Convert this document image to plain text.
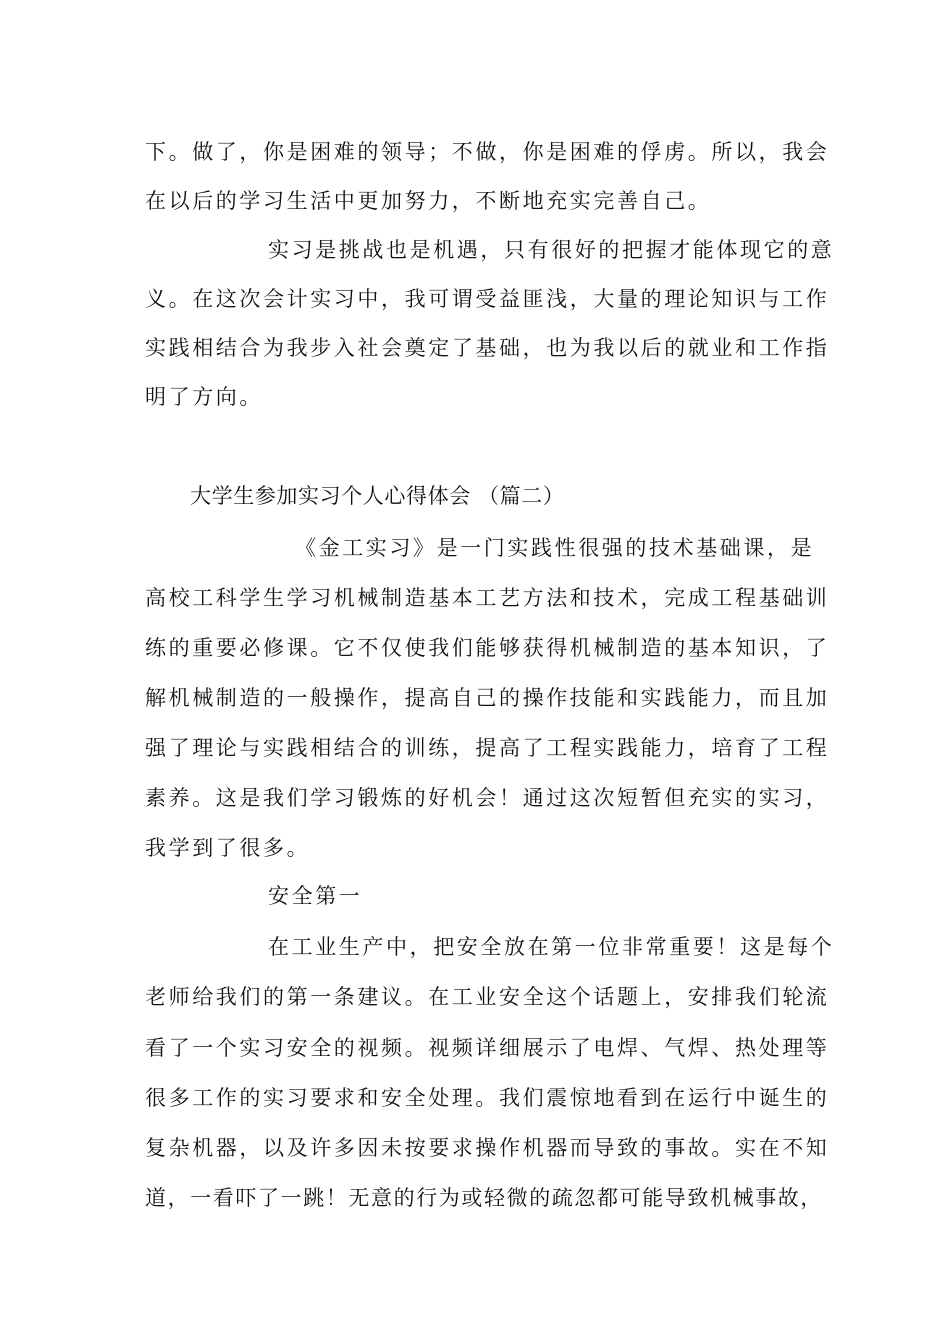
下。做了，你是困难的领导；不做，你是困难的俘虏。所以，我会

在以后的学习生活中更加努力，不断地充实完善自己。

实习是挑战也是机遇，只有很好的把握才能体现它的意

义。在这次会计实习中，我可谓受益匪浅，大量的理论知识与工作

实践相结合为我步入社会奠定了基础，也为我以后的就业和工作指

明了方向。

大学生参加实习个人心得体会 （篇二）

《金工实习》是一门实践性很强的技术基础课，是

高校工科学生学习机械制造基本工艺方法和技术，完成工程基础训

练的重要必修课。它不仅使我们能够获得机械制造的基本知识，了

解机械制造的一般操作，提高自己的操作技能和实践能力，而且加

强了理论与实践相结合的训练，提高了工程实践能力，培育了工程

素养。这是我们学习锻炼的好机会！通过这次短暂但充实的实习，

我学到了很多。

安全第一

在工业生产中，把安全放在第一位非常重要！这是每个

老师给我们的第一条建议。在工业安全这个话题上，安排我们轮流

看了一个实习安全的视频。视频详细展示了电焊、气焊、热处理等

很多工作的实习要求和安全处理。我们震惊地看到在运行中诞生的

复杂机器，以及许多因未按要求操作机器而导致的事故。实在不知

道，一看吓了一跳！无意的行为或轻微的疏忽都可能导致机械事故，
